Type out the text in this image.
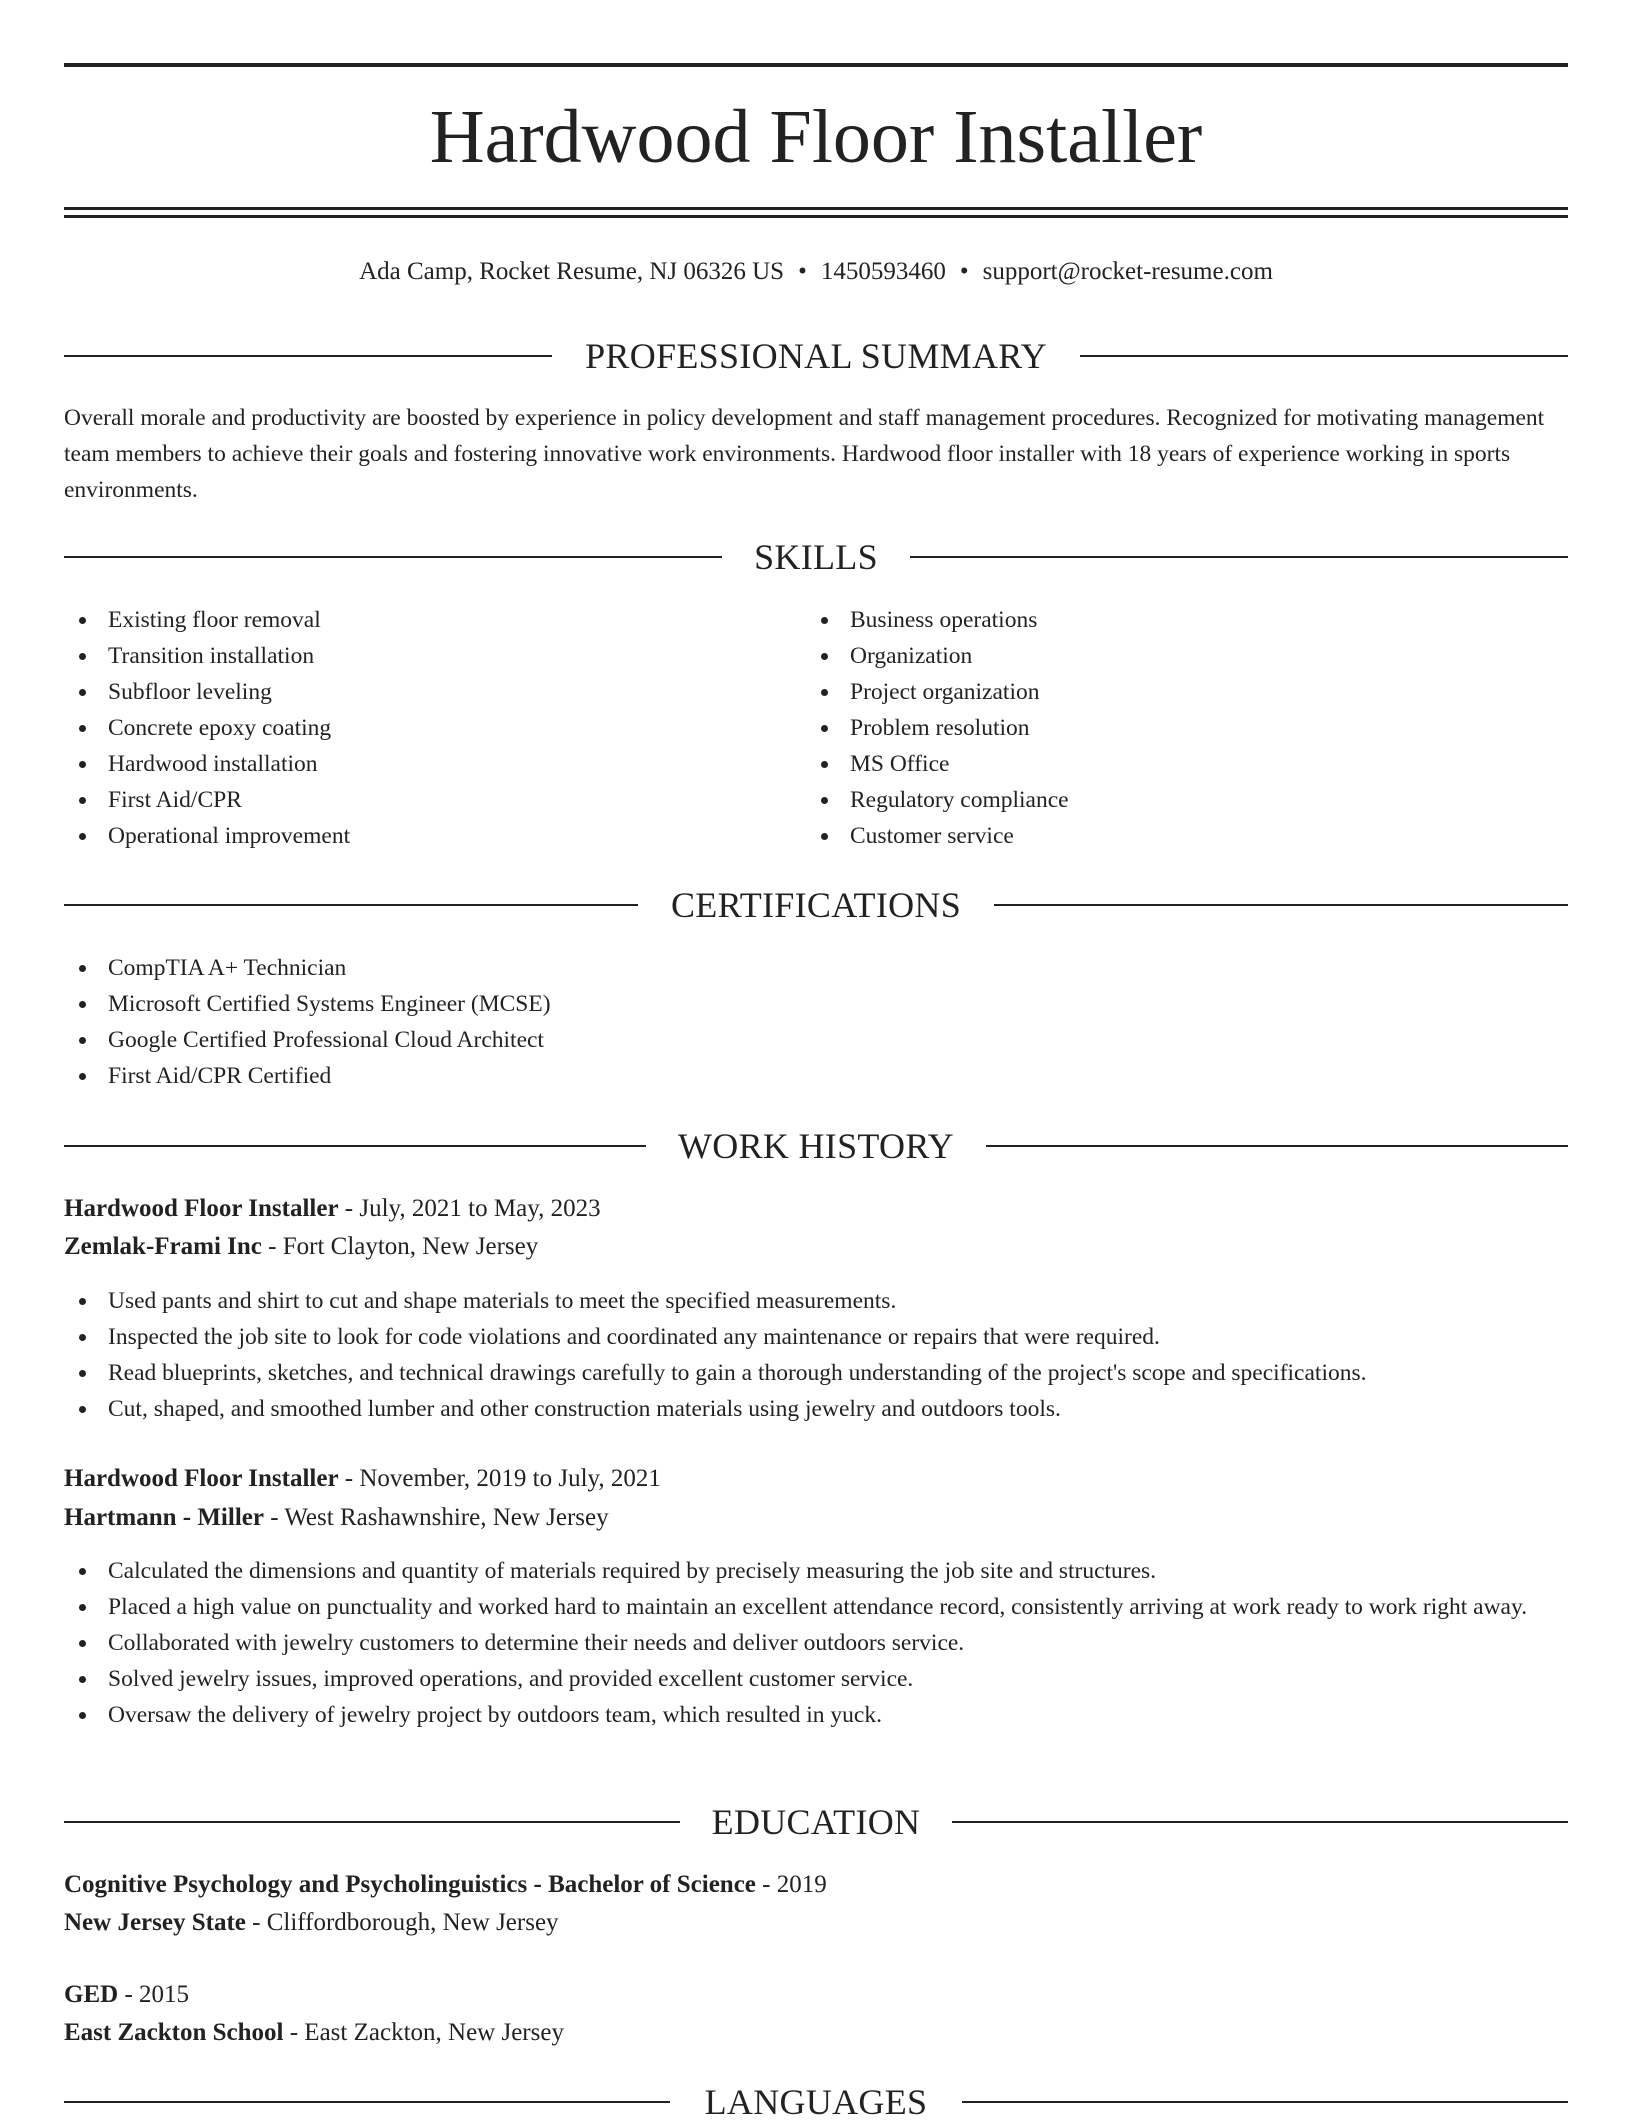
Hardwood Floor Installer
Ada Camp, Rocket Resume, NJ 06326 US • 1450593460 • support@rocket-resume.com
PROFESSIONAL SUMMARY
Overall morale and productivity are boosted by experience in policy development and staff management procedures. Recognized for motivating management team members to achieve their goals and fostering innovative work environments. Hardwood floor installer with 18 years of experience working in sports environments.
SKILLS
Existing floor removal
Transition installation
Subfloor leveling
Concrete epoxy coating
Hardwood installation
First Aid/CPR
Operational improvement
Business operations
Organization
Project organization
Problem resolution
MS Office
Regulatory compliance
Customer service
CERTIFICATIONS
CompTIA A+ Technician
Microsoft Certified Systems Engineer (MCSE)
Google Certified Professional Cloud Architect
First Aid/CPR Certified
WORK HISTORY
Hardwood Floor Installer - July, 2021 to May, 2023
Zemlak-Frami Inc - Fort Clayton, New Jersey
Used pants and shirt to cut and shape materials to meet the specified measurements.
Inspected the job site to look for code violations and coordinated any maintenance or repairs that were required.
Read blueprints, sketches, and technical drawings carefully to gain a thorough understanding of the project's scope and specifications.
Cut, shaped, and smoothed lumber and other construction materials using jewelry and outdoors tools.
Hardwood Floor Installer - November, 2019 to July, 2021
Hartmann - Miller - West Rashawnshire, New Jersey
Calculated the dimensions and quantity of materials required by precisely measuring the job site and structures.
Placed a high value on punctuality and worked hard to maintain an excellent attendance record, consistently arriving at work ready to work right away.
Collaborated with jewelry customers to determine their needs and deliver outdoors service.
Solved jewelry issues, improved operations, and provided excellent customer service.
Oversaw the delivery of jewelry project by outdoors team, which resulted in yuck.
EDUCATION
Cognitive Psychology and Psycholinguistics - Bachelor of Science - 2019
New Jersey State - Cliffordborough, New Jersey
GED - 2015
East Zackton School - East Zackton, New Jersey
LANGUAGES
